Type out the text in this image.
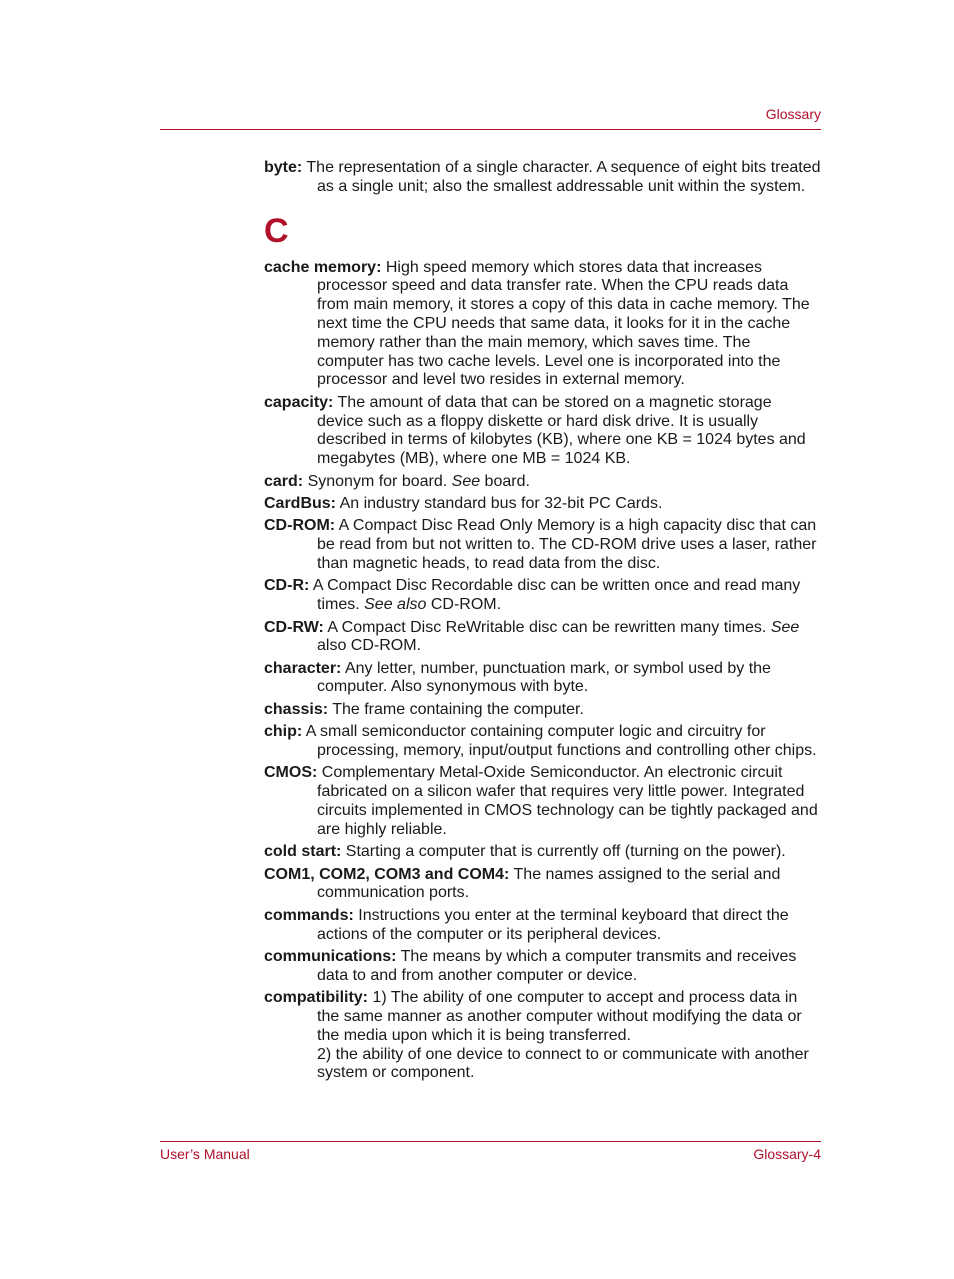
Glossary

byte: The representation of a single character. A sequence of eight bits treated as a single unit; also the smallest addressable unit within the system.

C

cache memory: High speed memory which stores data that increases processor speed and data transfer rate. When the CPU reads data from main memory, it stores a copy of this data in cache memory. The next time the CPU needs that same data, it looks for it in the cache memory rather than the main memory, which saves time. The computer has two cache levels. Level one is incorporated into the processor and level two resides in external memory.

capacity: The amount of data that can be stored on a magnetic storage device such as a floppy diskette or hard disk drive. It is usually described in terms of kilobytes (KB), where one KB = 1024 bytes and megabytes (MB), where one MB = 1024 KB.

card: Synonym for board. See board.

CardBus: An industry standard bus for 32-bit PC Cards.

CD-ROM: A Compact Disc Read Only Memory is a high capacity disc that can be read from but not written to. The CD-ROM drive uses a laser, rather than magnetic heads, to read data from the disc.

CD-R: A Compact Disc Recordable disc can be written once and read many times. See also CD-ROM.

CD-RW: A Compact Disc ReWritable disc can be rewritten many times. See also CD-ROM.

character: Any letter, number, punctuation mark, or symbol used by the computer. Also synonymous with byte.

chassis: The frame containing the computer.

chip: A small semiconductor containing computer logic and circuitry for processing, memory, input/output functions and controlling other chips.

CMOS: Complementary Metal-Oxide Semiconductor. An electronic circuit fabricated on a silicon wafer that requires very little power. Integrated circuits implemented in CMOS technology can be tightly packaged and are highly reliable.

cold start: Starting a computer that is currently off (turning on the power).

COM1, COM2, COM3 and COM4: The names assigned to the serial and communication ports.

commands: Instructions you enter at the terminal keyboard that direct the actions of the computer or its peripheral devices.

communications: The means by which a computer transmits and receives data to and from another computer or device.

compatibility: 1) The ability of one computer to accept and process data in the same manner as another computer without modifying the data or the media upon which it is being transferred.
2) the ability of one device to connect to or communicate with another system or component.

User’s Manual	Glossary-4
